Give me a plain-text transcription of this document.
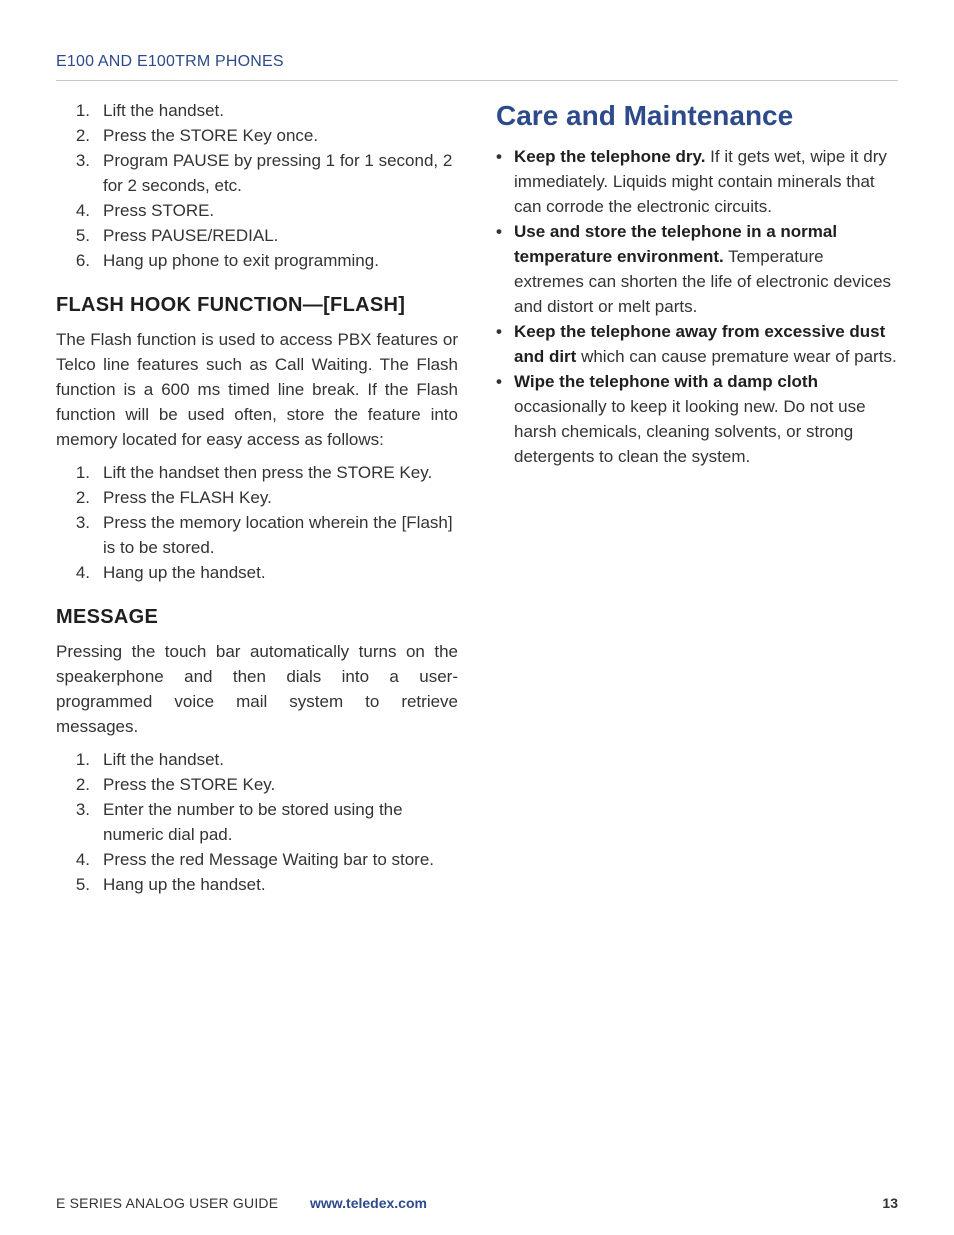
E100 AND E100TRM PHONES
1. Lift the handset.
2. Press the STORE Key once.
3. Program PAUSE by pressing 1 for 1 second, 2 for 2 seconds, etc.
4. Press STORE.
5. Press PAUSE/REDIAL.
6. Hang up phone to exit programming.
FLASH HOOK FUNCTION—[FLASH]

The Flash function is used to access PBX features or Telco line features such as Call Waiting. The Flash function is a 600 ms timed line break. If the Flash function will be used often, store the feature into memory located for easy access as follows:

1. Lift the handset then press the STORE Key.
2. Press the FLASH Key.
3. Press the memory location wherein the [Flash] is to be stored.
4. Hang up the handset.
MESSAGE

Pressing the touch bar automatically turns on the speakerphone and then dials into a user-programmed voice mail system to retrieve messages.

1. Lift the handset.
2. Press the STORE Key.
3. Enter the number to be stored using the numeric dial pad.
4. Press the red Message Waiting bar to store.
5. Hang up the handset.
Care and Maintenance
• Keep the telephone dry. If it gets wet, wipe it dry immediately. Liquids might contain minerals that can corrode the electronic circuits.
• Use and store the telephone in a normal temperature environment. Temperature extremes can shorten the life of electronic devices and distort or melt parts.
• Keep the telephone away from excessive dust and dirt which can cause premature wear of parts.
• Wipe the telephone with a damp cloth occasionally to keep it looking new. Do not use harsh chemicals, cleaning solvents, or strong detergents to clean the system.
E SERIES ANALOG USER GUIDE www.teledex.com	13
